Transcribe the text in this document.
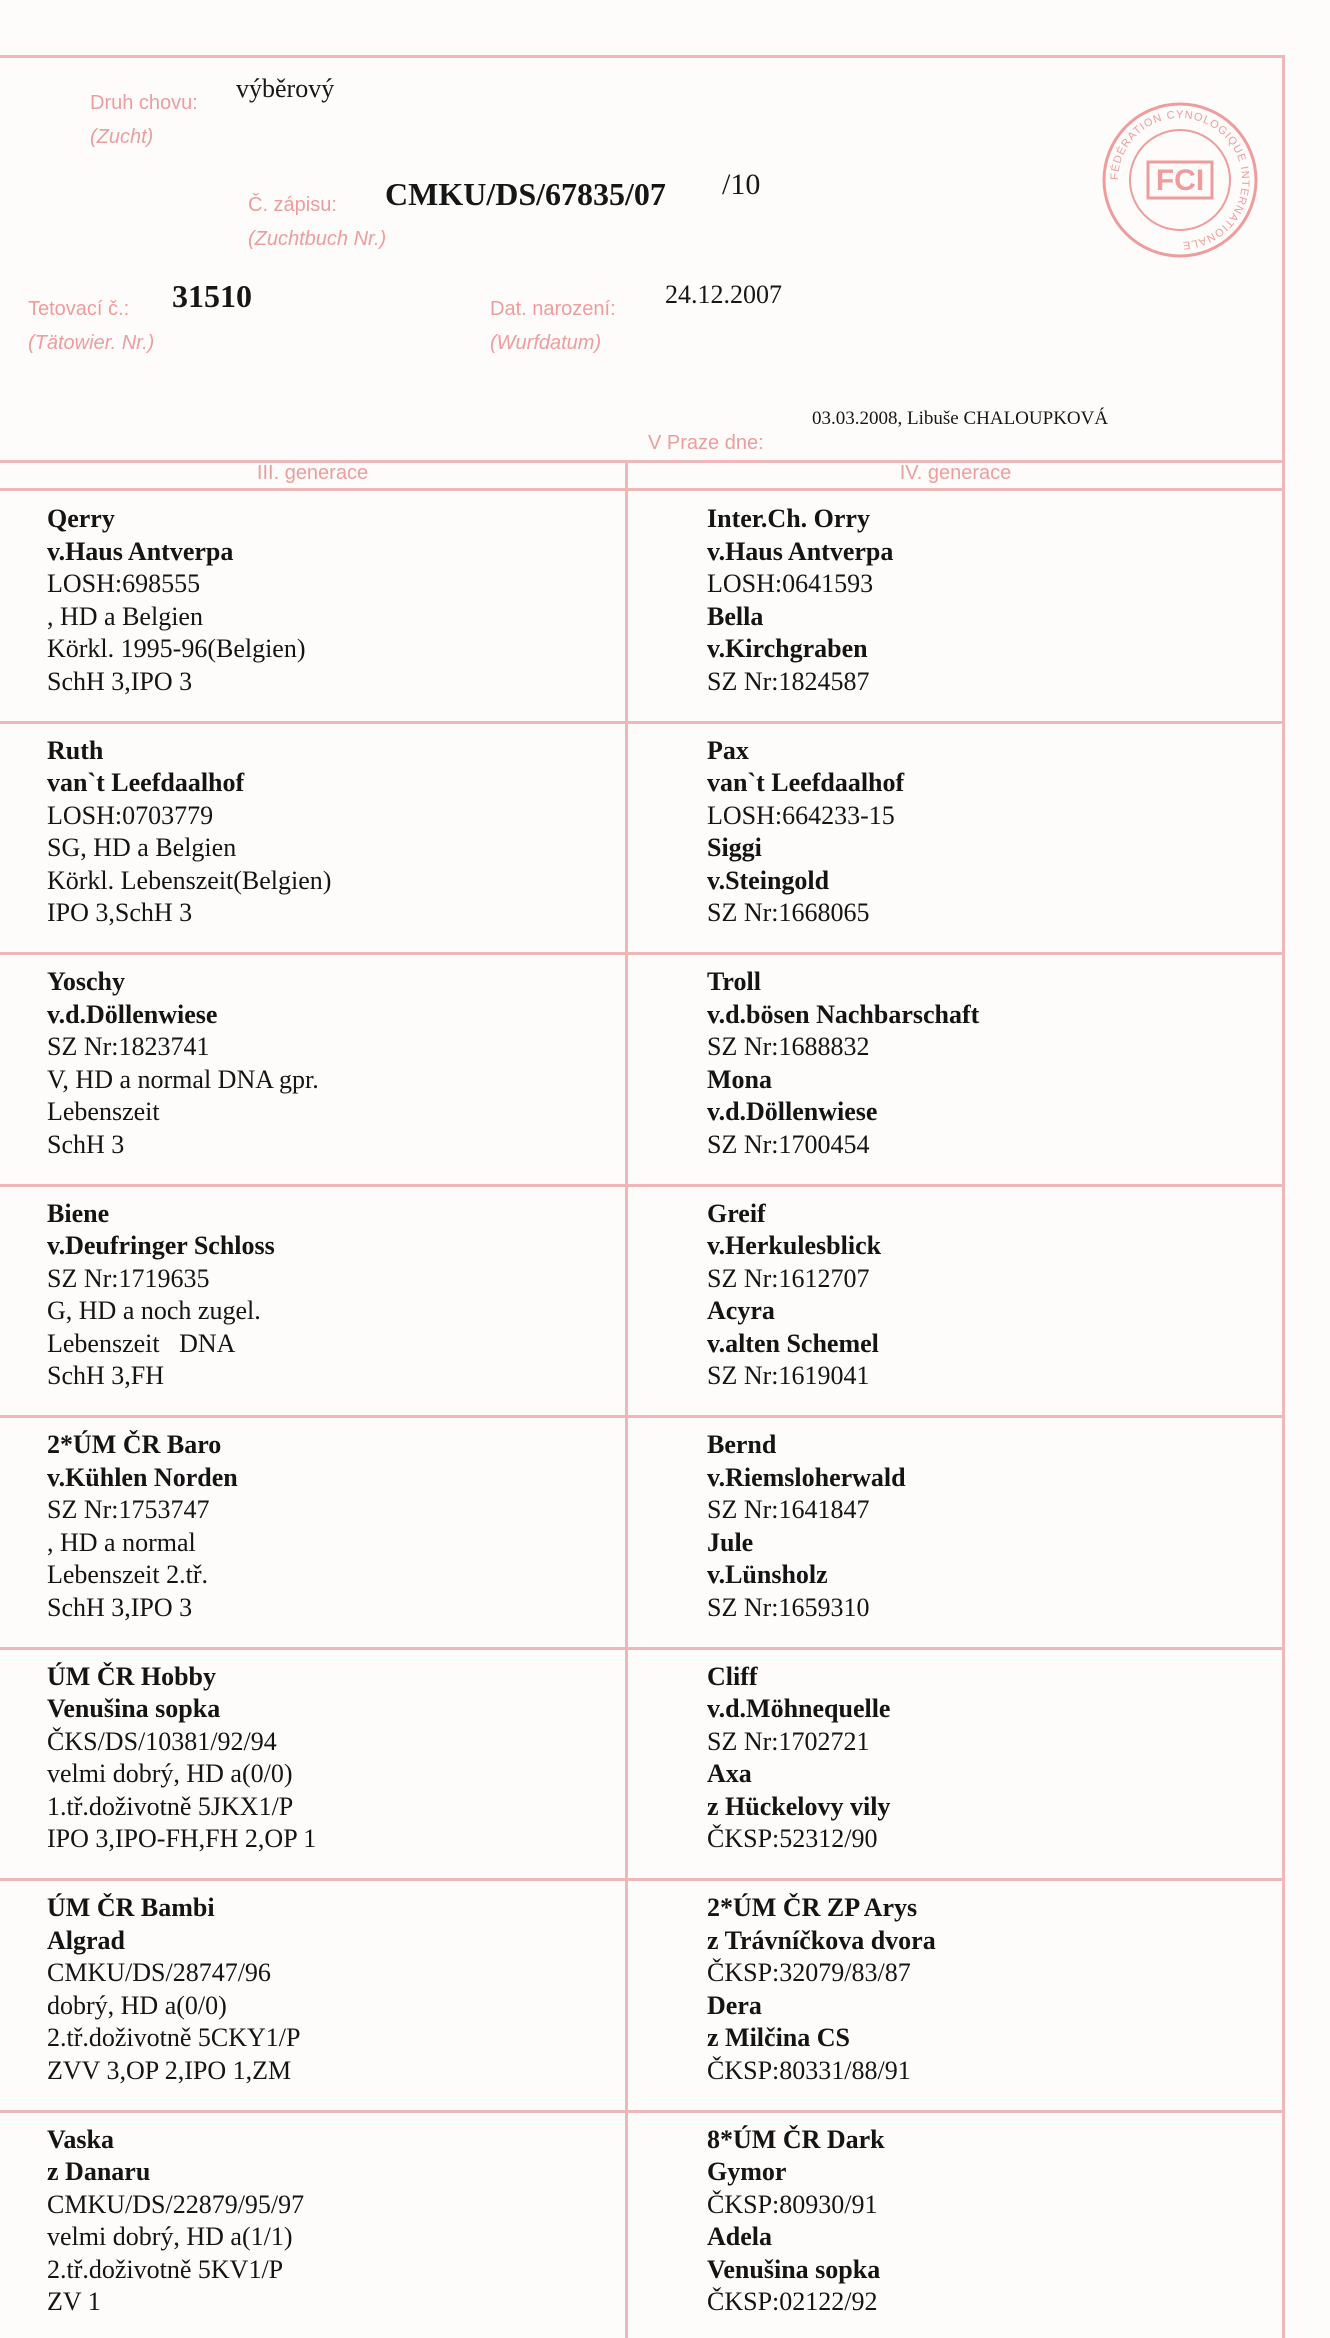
Druh chovu:
(Zucht)
výběrový
Č. zápisu:
(Zuchtbuch Nr.)
CMKU/DS/67835/07 /10
Tetovací č.:
(Tätowier. Nr.)
31510	Dat. narození:
(Wurfdatum)
24.12.2007
03.03.2008, Libuše CHALOUPKOVÁ
V Praze dne:
FÉDÉRATION CYNOLOGIQUE INTERNATIONALE
FCI
III. generace	IV. generace
Qerry
v.Haus Antverpa
LOSH:698555
, HD a Belgien
Körkl. 1995-96(Belgien)
SchH 3,IPO 3
Inter.Ch. Orry
v.Haus Antverpa
LOSH:0641593
Bella
v.Kirchgraben
SZ Nr:1824587
Ruth
van`t Leefdaalhof
LOSH:0703779
SG, HD a Belgien
Körkl. Lebenszeit(Belgien)
IPO 3,SchH 3
Pax
van`t Leefdaalhof
LOSH:664233-15
Siggi
v.Steingold
SZ Nr:1668065
Yoschy
v.d.Döllenwiese
SZ Nr:1823741
V, HD a normal DNA gpr.
Lebenszeit
SchH 3
Troll
v.d.bösen Nachbarschaft
SZ Nr:1688832
Mona
v.d.Döllenwiese
SZ Nr:1700454
Biene
v.Deufringer Schloss
SZ Nr:1719635
G, HD a noch zugel.
Lebenszeit   DNA
SchH 3,FH
Greif
v.Herkulesblick
SZ Nr:1612707
Acyra
v.alten Schemel
SZ Nr:1619041
2*ÚM ČR Baro
v.Kühlen Norden
SZ Nr:1753747
, HD a normal
Lebenszeit 2.tř.
SchH 3,IPO 3
Bernd
v.Riemsloherwald
SZ Nr:1641847
Jule
v.Lünsholz
SZ Nr:1659310
ÚM ČR Hobby
Venušina sopka
ČKS/DS/10381/92/94
velmi dobrý, HD a(0/0)
1.tř.doživotně 5JKX1/P
IPO 3,IPO-FH,FH 2,OP 1
Cliff
v.d.Möhnequelle
SZ Nr:1702721
Axa
z Hückelovy vily
ČKSP:52312/90
ÚM ČR Bambi
Algrad
CMKU/DS/28747/96
dobrý, HD a(0/0)
2.tř.doživotně 5CKY1/P
ZVV 3,OP 2,IPO 1,ZM
2*ÚM ČR ZP Arys
z Trávníčkova dvora
ČKSP:32079/83/87
Dera
z Milčina CS
ČKSP:80331/88/91
Vaska
z Danaru
CMKU/DS/22879/95/97
velmi dobrý, HD a(1/1)
2.tř.doživotně 5KV1/P
ZV 1
8*ÚM ČR Dark
Gymor
ČKSP:80930/91
Adela
Venušina sopka
ČKSP:02122/92
